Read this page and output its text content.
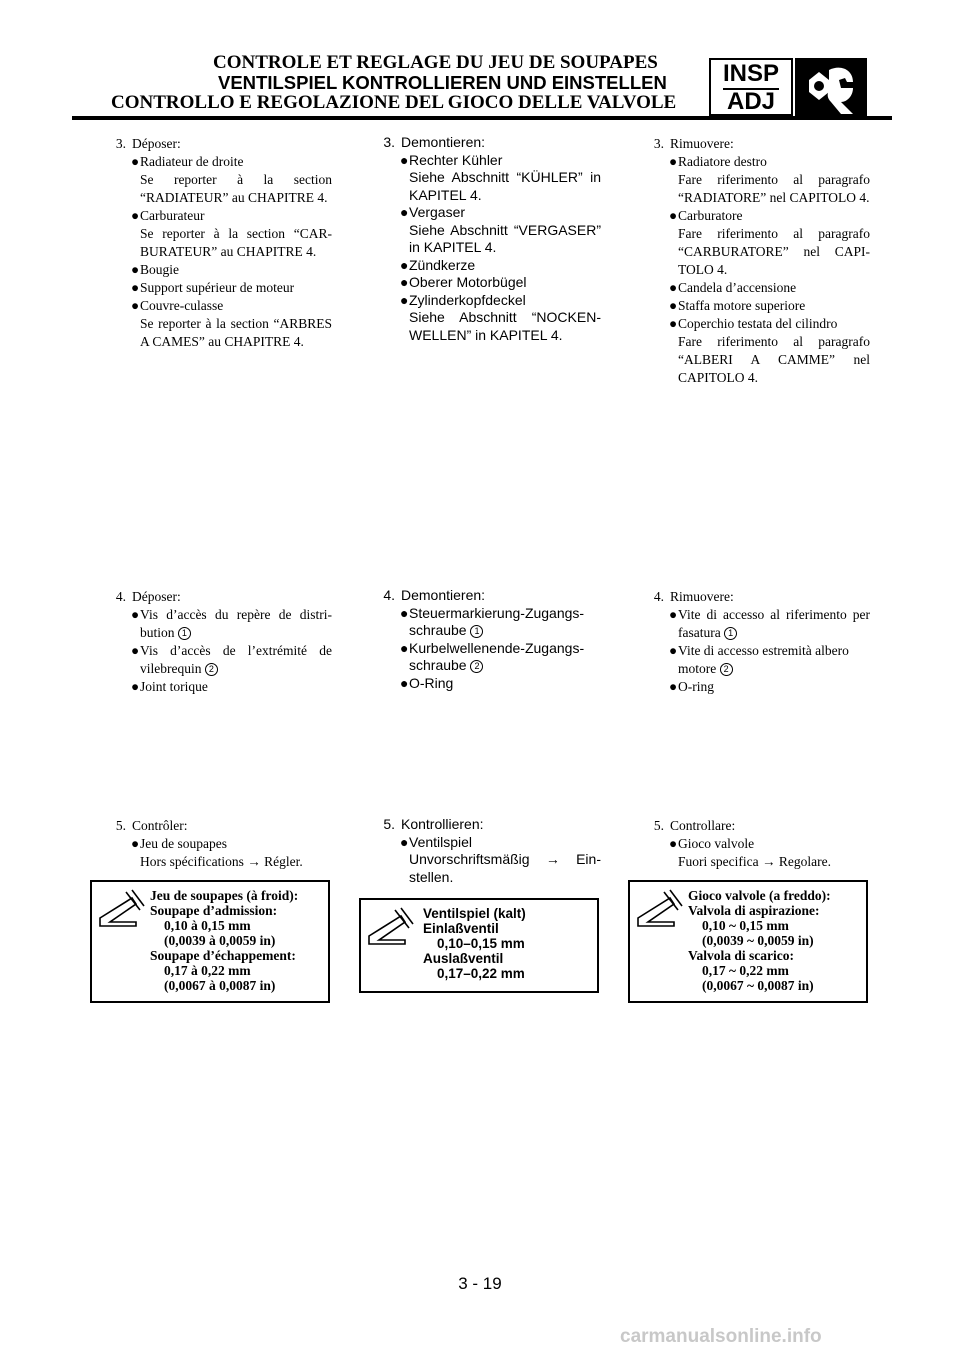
CONTROLE ET REGLAGE DU JEU DE SOUPAPES
VENTILSPIEL KONTROLLIEREN UND EINSTELLEN
CONTROLLO E REGOLAZIONE DEL GIOCO DELLE VALVOLE
INSP
ADJ
3. Déposer:
● Radiateur de droite
Se reporter à la section “RADIATEUR” au CHAPITRE 4.
● Carburateur
Se reporter à la section “CARBURATEUR” au CHAPITRE 4.
● Bougie
● Support supérieur de moteur
● Couvre-culasse
Se reporter à la section “ARBRES A CAMES” au CHAPITRE 4.
4. Déposer:
● Vis d’accès du repère de distribution 1
● Vis d’accès de l’extrémité de vilebrequin 2
● Joint torique
5. Contrôler:
● Jeu de soupapes
Hors spécifications → Régler.
Jeu de soupapes (à froid):
Soupape d’admission:
0,10 à 0,15 mm
(0,0039 à 0,0059 in)
Soupape d’échappement:
0,17 à 0,22 mm
(0,0067 à 0,0087 in)
3. Demontieren:
● Rechter Kühler
Siehe Abschnitt “KÜHLER” in KAPITEL 4.
● Vergaser
Siehe Abschnitt “VERGASER” in KAPITEL 4.
● Zündkerze
● Oberer Motorbügel
● Zylinderkopfdeckel
Siehe Abschnitt “NOCKENWELLEN” in KAPITEL 4.
4. Demontieren:
● Steuermarkierung-Zugangsschraube 1
● Kurbelwellenende-Zugangsschraube 2
● O-Ring
5. Kontrollieren:
● Ventilspiel
Unvorschriftsmäßig → Einstellen.
Ventilspiel (kalt)
Einlaßventil
0,10–0,15 mm
Auslaßventil
0,17–0,22 mm
3. Rimuovere:
● Radiatore destro
Fare riferimento al paragrafo “RADIATORE” nel CAPITOLO 4.
● Carburatore
Fare riferimento al paragrafo “CARBURATORE” nel CAPITOLO 4.
● Candela d’accensione
● Staffa motore superiore
● Coperchio testata del cilindro
Fare riferimento al paragrafo “ALBERI A CAMME” nel CAPITOLO 4.
4. Rimuovere:
● Vite di accesso al riferimento per fasatura 1
● Vite di accesso estremità albero motore 2
● O-ring
5. Controllare:
● Gioco valvole
Fuori specifica → Regolare.
Gioco valvole (a freddo):
Valvola di aspirazione:
0,10 ~ 0,15 mm
(0,0039 ~ 0,0059 in)
Valvola di scarico:
0,17 ~ 0,22 mm
(0,0067 ~ 0,0087 in)
3 - 19
carmanualsonline.info
